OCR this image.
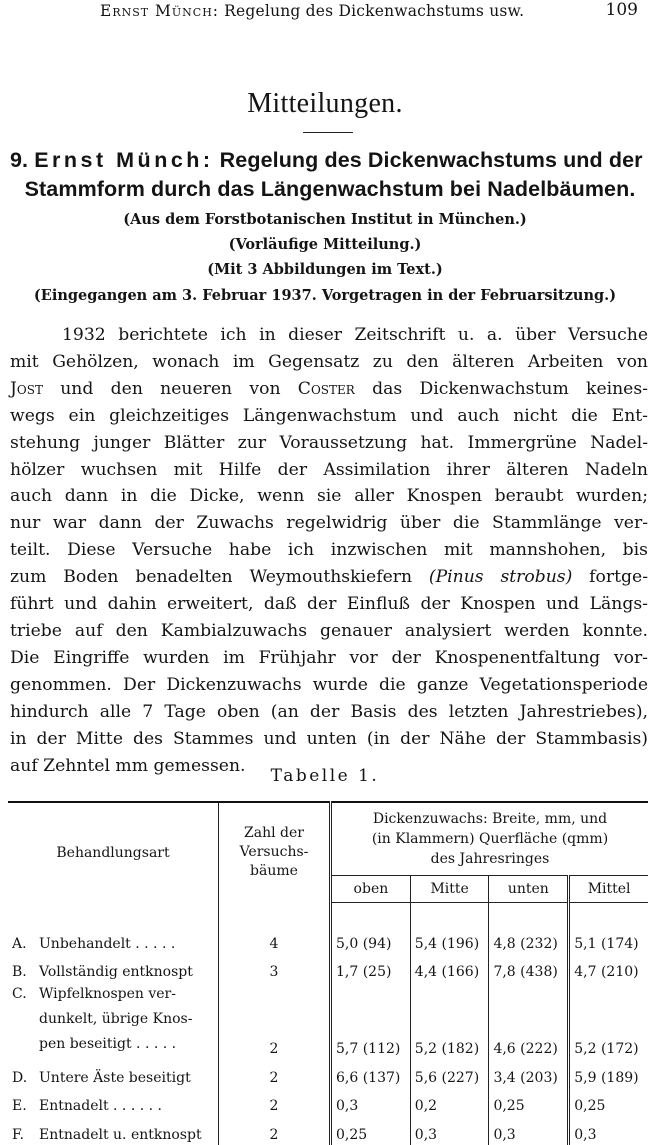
Ernst Münch: Regelung des Dickenwachstums usw.	109
Mitteilungen.
9. Ernst Münch: Regelung des Dickenwachstums und der
Stammform durch das Längenwachstum bei Nadelbäumen.
(Aus dem Forstbotanischen Institut in München.)
(Vorläufige Mitteilung.)
(Mit 3 Abbildungen im Text.)
(Eingegangen am 3. Februar 1937. Vorgetragen in der Februarsitzung.)
1932 berichtete ich in dieser Zeitschrift u. a. über Versuche
mit Gehölzen, wonach im Gegensatz zu den älteren Arbeiten von
Jost und den neueren von Coster das Dickenwachstum keines-
wegs ein gleichzeitiges Längenwachstum und auch nicht die Ent-
stehung junger Blätter zur Voraussetzung hat. Immergrüne Nadel-
hölzer wuchsen mit Hilfe der Assimilation ihrer älteren Nadeln
auch dann in die Dicke, wenn sie aller Knospen beraubt wurden;
nur war dann der Zuwachs regelwidrig über die Stammlänge ver-
teilt. Diese Versuche habe ich inzwischen mit mannshohen, bis
zum Boden benadelten Weymouthskiefern (Pinus strobus) fortge-
führt und dahin erweitert, daß der Einfluß der Knospen und Längs-
triebe auf den Kambialzuwachs genauer analysiert werden konnte.
Die Eingriffe wurden im Frühjahr vor der Knospenentfaltung vor-
genommen. Der Dickenzuwachs wurde die ganze Vegetationsperiode
hindurch alle 7 Tage oben (an der Basis des letzten Jahrestriebes),
in der Mitte des Stammes und unten (in der Nähe der Stammbasis)
auf Zehntel mm gemessen.
Tabelle 1.
Behandlungsart	Zahl der
Versuchs-
bäume	Dickenzuwachs: Breite, mm, und
(in Klammern) Querfläche (qmm)
des Jahresringes			

		oben	Mitte	unten	Mittel
A. Unbehandelt . . . . .	4	5,0 (94)	5,4 (196)	4,8 (232)	5,1 (174)
B. Vollständig entknospt	3	1,7 (25)	4,4 (166)	7,8 (438)	4,7 (210)

C. Wipfelknospen ver-
dunkelt, übrige Knos-
pen beseitigt . . . . .	2	5,7 (112)	5,2 (182)	4,6 (222)	5,2 (172)
D. Untere Äste beseitigt	2	6,6 (137)	5,6 (227)	3,4 (203)	5,9 (189)
E. Entnadelt . . . . . .	2	0,3	0,2	0,25	0,25
F. Entnadelt u. entknospt	2	0,25	0,3	0,3	0,3
